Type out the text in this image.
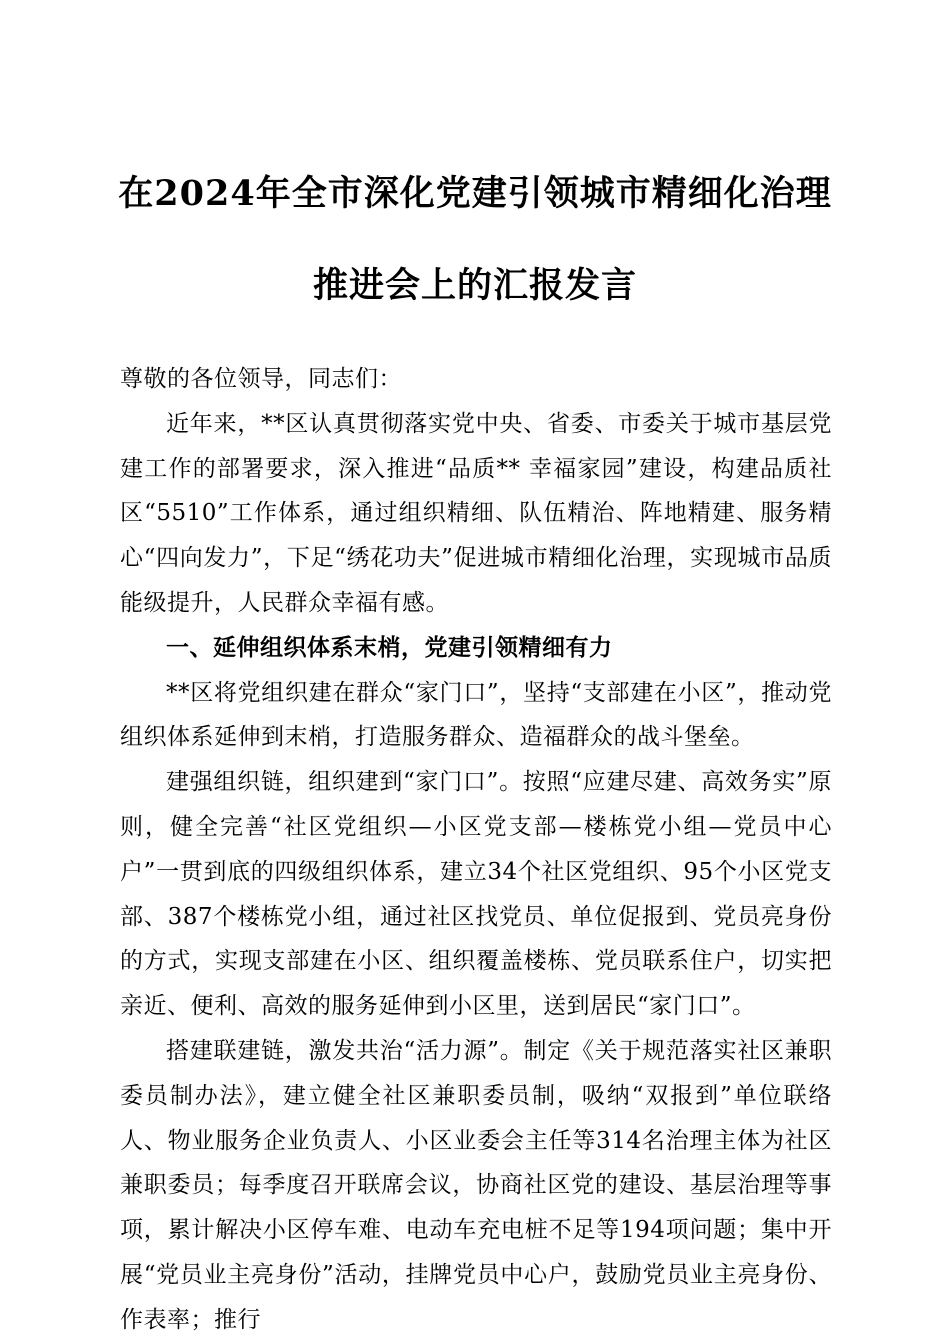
在2024年全市深化党建引领城市精细化治理
推进会上的汇报发言

尊敬的各位领导，同志们：

近年来，**区认真贯彻落实党中央、省委、市委关于城市基层党建工作的部署要求，深入推进“品质** 幸福家园”建设，构建品质社区“5510”工作体系，通过组织精细、队伍精治、阵地精建、服务精心“四向发力”，下足“绣花功夫”促进城市精细化治理，实现城市品质能级提升，人民群众幸福有感。

一、延伸组织体系末梢，党建引领精细有力

**区将党组织建在群众“家门口”，坚持“支部建在小区”，推动党组织体系延伸到末梢，打造服务群众、造福群众的战斗堡垒。

建强组织链，组织建到“家门口”。按照“应建尽建、高效务实”原则，健全完善“社区党组织—小区党支部—楼栋党小组—党员中心户”一贯到底的四级组织体系，建立34个社区党组织、95个小区党支部、387个楼栋党小组，通过社区找党员、单位促报到、党员亮身份的方式，实现支部建在小区、组织覆盖楼栋、党员联系住户，切实把亲近、便利、高效的服务延伸到小区里，送到居民“家门口”。

搭建联建链，激发共治“活力源”。制定《关于规范落实社区兼职委员制办法》，建立健全社区兼职委员制，吸纳“双报到”单位联络人、物业服务企业负责人、小区业委会主任等314名治理主体为社区兼职委员；每季度召开联席会议，协商社区党的建设、基层治理等事项，累计解决小区停车难、电动车充电桩不足等194项问题；集中开展“党员业主亮身份”活动，挂牌党员中心户，鼓励党员业主亮身份、作表率；推行
